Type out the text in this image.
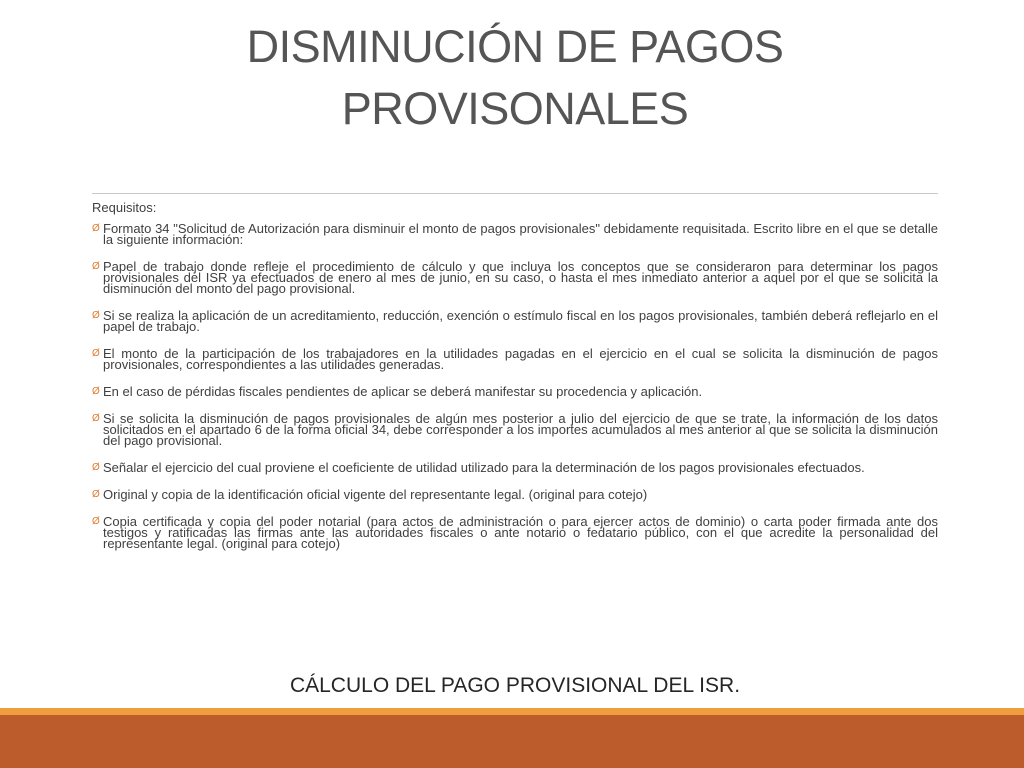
DISMINUCIÓN DE PAGOS PROVISONALES
Requisitos:
Ø Formato 34 "Solicitud de Autorización para disminuir el monto de pagos provisionales" debidamente requisitada. Escrito libre en el que se detalle la siguiente información:
Ø Papel de trabajo donde refleje el procedimiento de cálculo y que incluya los conceptos que se consideraron para determinar los pagos provisionales del ISR ya efectuados de enero al mes de junio, en su caso, o hasta el mes inmediato anterior a aquel por el que se solicita la disminución del monto del pago provisional.
Ø Si se realiza la aplicación de un acreditamiento, reducción, exención o estímulo fiscal en los pagos provisionales, también deberá reflejarlo en el papel de trabajo.
Ø El monto de la participación de los trabajadores en la utilidades pagadas en el ejercicio en el cual se solicita la disminución de pagos provisionales, correspondientes a las utilidades generadas.
Ø En el caso de pérdidas fiscales pendientes de aplicar se deberá manifestar su procedencia y aplicación.
Ø Si se solicita la disminución de pagos provisionales de algún mes posterior a julio del ejercicio de que se trate, la información de los datos solicitados en el apartado 6 de la forma oficial 34, debe corresponder a los importes acumulados al mes anterior al que se solicita la disminución del pago provisional.
Ø Señalar el ejercicio del cual proviene el coeficiente de utilidad utilizado para la determinación de los pagos provisionales efectuados.
Ø Original y copia de la identificación oficial vigente del representante legal. (original para cotejo)
Ø Copia certificada y copia del poder notarial (para actos de administración o para ejercer actos de dominio) o carta poder firmada ante dos testigos y ratificadas las firmas ante las autoridades fiscales o ante notario o fedatario público, con el que acredite la personalidad del representante legal. (original para cotejo)
CÁLCULO DEL PAGO PROVISIONAL DEL ISR.
